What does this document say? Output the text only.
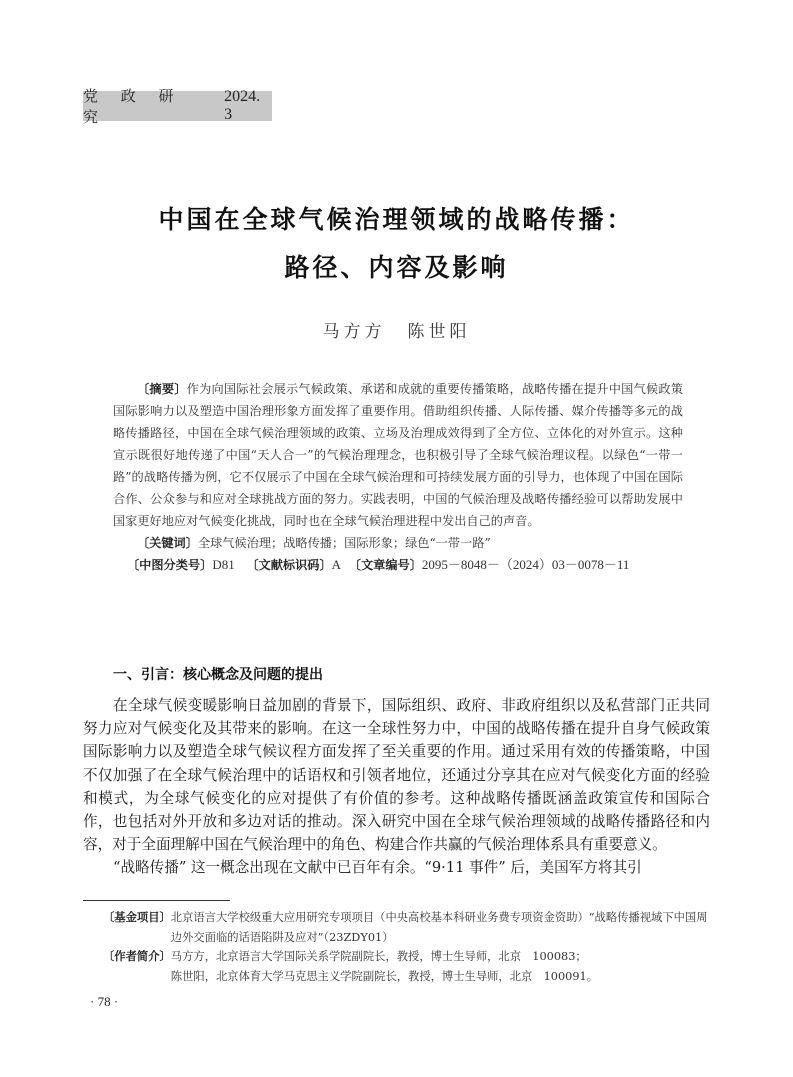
党 政 研 究
2024. 3
中国在全球气候治理领域的战略传播：
路径、内容及影响
马方方 陈世阳

〔摘要〕作为向国际社会展示气候政策、承诺和成就的重要传播策略，战略传播在提升中国气候政策国际影响力以及塑造中国治理形象方面发挥了重要作用。借助组织传播、人际传播、媒介传播等多元的战略传播路径，中国在全球气候治理领域的政策、立场及治理成效得到了全方位、立体化的对外宣示。这种宣示既很好地传递了中国“天人合一”的气候治理理念，也积极引导了全球气候治理议程。以绿色“一带一路”的战略传播为例，它不仅展示了中国在全球气候治理和可持续发展方面的引导力，也体现了中国在国际合作、公众参与和应对全球挑战方面的努力。实践表明，中国的气候治理及战略传播经验可以帮助发展中国家更好地应对气候变化挑战，同时也在全球气候治理进程中发出自己的声音。

〔关键词〕全球气候治理；战略传播；国际形象；绿色“一带一路”

〔中图分类号〕D81 〔文献标识码〕A 〔文章编号〕2095－8048－（2024）03－0078－11

一、引言：核心概念及问题的提出

在全球气候变暖影响日益加剧的背景下，国际组织、政府、非政府组织以及私营部门正共同努力应对气候变化及其带来的影响。在这一全球性努力中，中国的战略传播在提升自身气候政策国际影响力以及塑造全球气候议程方面发挥了至关重要的作用。通过采用有效的传播策略，中国不仅加强了在全球气候治理中的话语权和引领者地位，还通过分享其在应对气候变化方面的经验和模式，为全球气候变化的应对提供了有价值的参考。这种战略传播既涵盖政策宣传和国际合作，也包括对外开放和多边对话的推动。深入研究中国在全球气候治理领域的战略传播路径和内容，对于全面理解中国在气候治理中的角色、构建合作共赢的气候治理体系具有重要意义。

“战略传播” 这一概念出现在文献中已百年有余。“9·11 事件” 后，美国军方将其引

〔基金项目〕 北京语言大学校级重大应用研究专项项目（中央高校基本科研业务费专项资金资助）“战略传播视域下中国周边外交面临的话语陷阱及应对”（23ZDY01）
〔作者简介〕 马方方，北京语言大学国际关系学院副院长，教授，博士生导师，北京　100083；
陈世阳，北京体育大学马克思主义学院副院长，教授，博士生导师，北京　100091。
· 78 ·
